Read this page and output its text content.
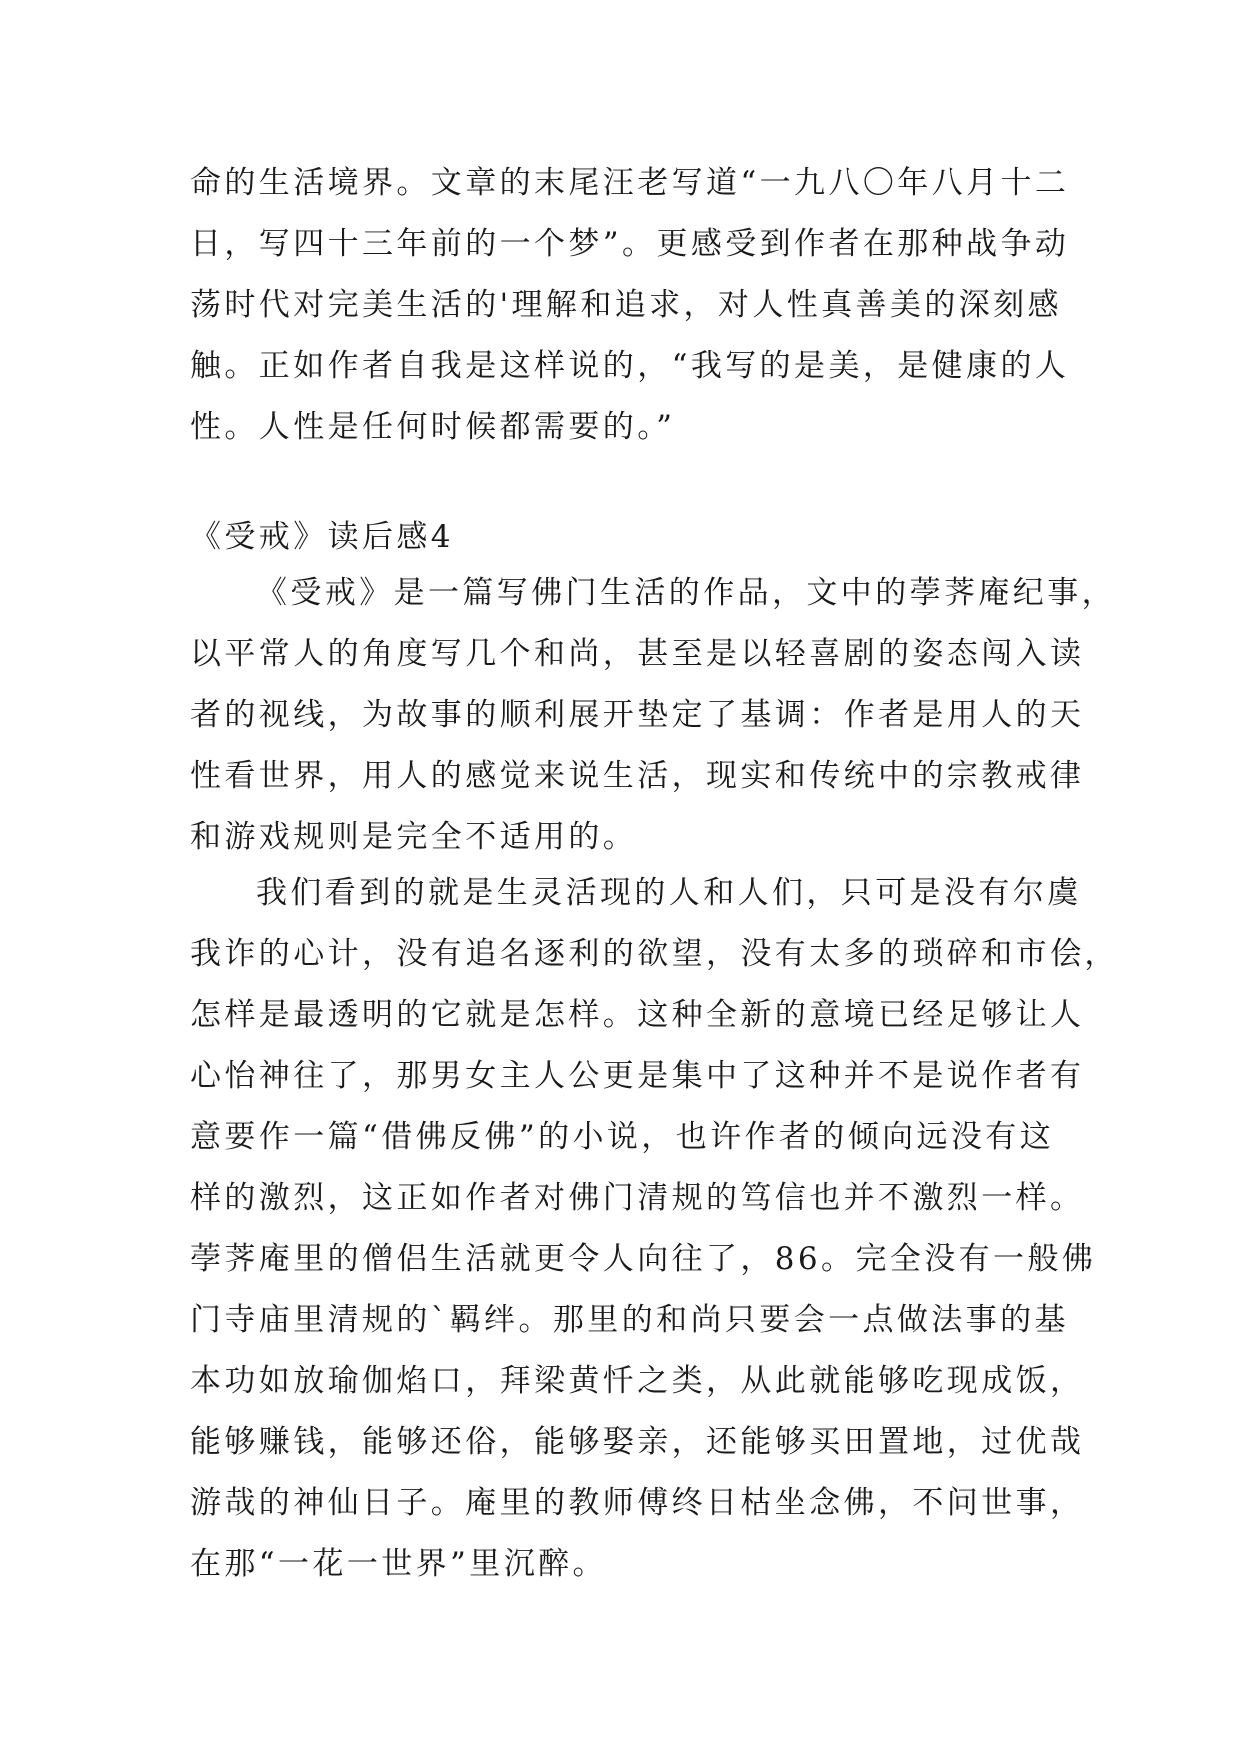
命的生活境界。文章的末尾汪老写道“一九八〇年八月十二
日，写四十三年前的一个梦”。更感受到作者在那种战争动
荡时代对完美生活的'理解和追求，对人性真善美的深刻感
触。正如作者自我是这样说的，“我写的是美，是健康的人
性。人性是任何时候都需要的。”
《受戒》读后感4
《受戒》是一篇写佛门生活的作品，文中的荸荠庵纪事，
以平常人的角度写几个和尚，甚至是以轻喜剧的姿态闯入读
者的视线，为故事的顺利展开垫定了基调：作者是用人的天
性看世界，用人的感觉来说生活，现实和传统中的宗教戒律
和游戏规则是完全不适用的。
我们看到的就是生灵活现的人和人们，只可是没有尔虞
我诈的心计，没有追名逐利的欲望，没有太多的琐碎和市侩，
怎样是最透明的它就是怎样。这种全新的意境已经足够让人
心怡神往了，那男女主人公更是集中了这种并不是说作者有
意要作一篇“借佛反佛”的小说，也许作者的倾向远没有这
样的激烈，这正如作者对佛门清规的笃信也并不激烈一样。
荸荠庵里的僧侣生活就更令人向往了，86。完全没有一般佛
门寺庙里清规的`羁绊。那里的和尚只要会一点做法事的基
本功如放瑜伽焰口，拜梁黄忏之类，从此就能够吃现成饭，
能够赚钱，能够还俗，能够娶亲，还能够买田置地，过优哉
游哉的神仙日子。庵里的教师傅终日枯坐念佛，不问世事，
在那“一花一世界”里沉醉。
